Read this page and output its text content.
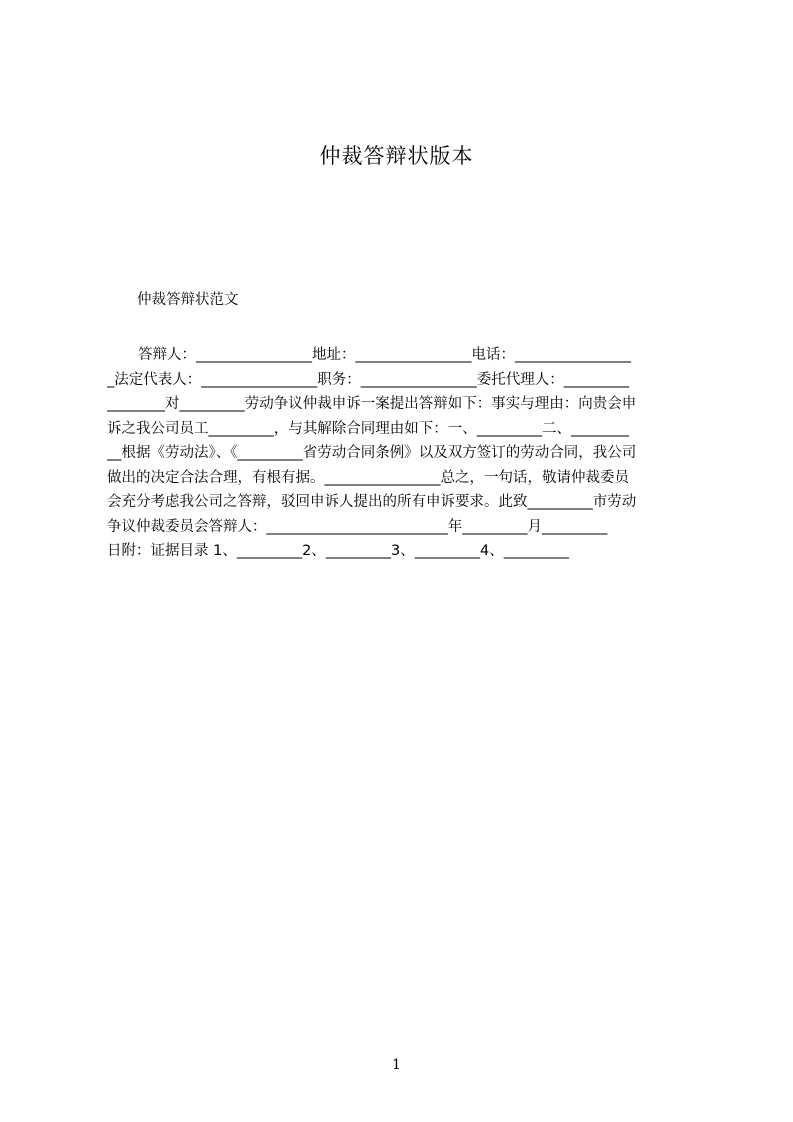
仲裁答辩状版本
仲裁答辩状范文
答辩人：________________地址：________________电话：________________
_法定代表人：________________职务：________________委托代理人：_________
________对_________劳动争议仲裁申诉一案提出答辩如下：事实与理由：向贵会申
诉之我公司员工_________，与其解除合同理由如下：一、_________二、________
__根据《劳动法》、《_________省劳动合同条例》以及双方签订的劳动合同，我公司
做出的决定合法合理，有根有据。________________总之，一句话，敬请仲裁委员
会充分考虑我公司之答辩，驳回申诉人提出的所有申诉要求。此致_________市劳动
争议仲裁委员会答辩人：_________________________年_________月_________
日附：证据目录 1、_________2、_________3、_________4、_________
1
